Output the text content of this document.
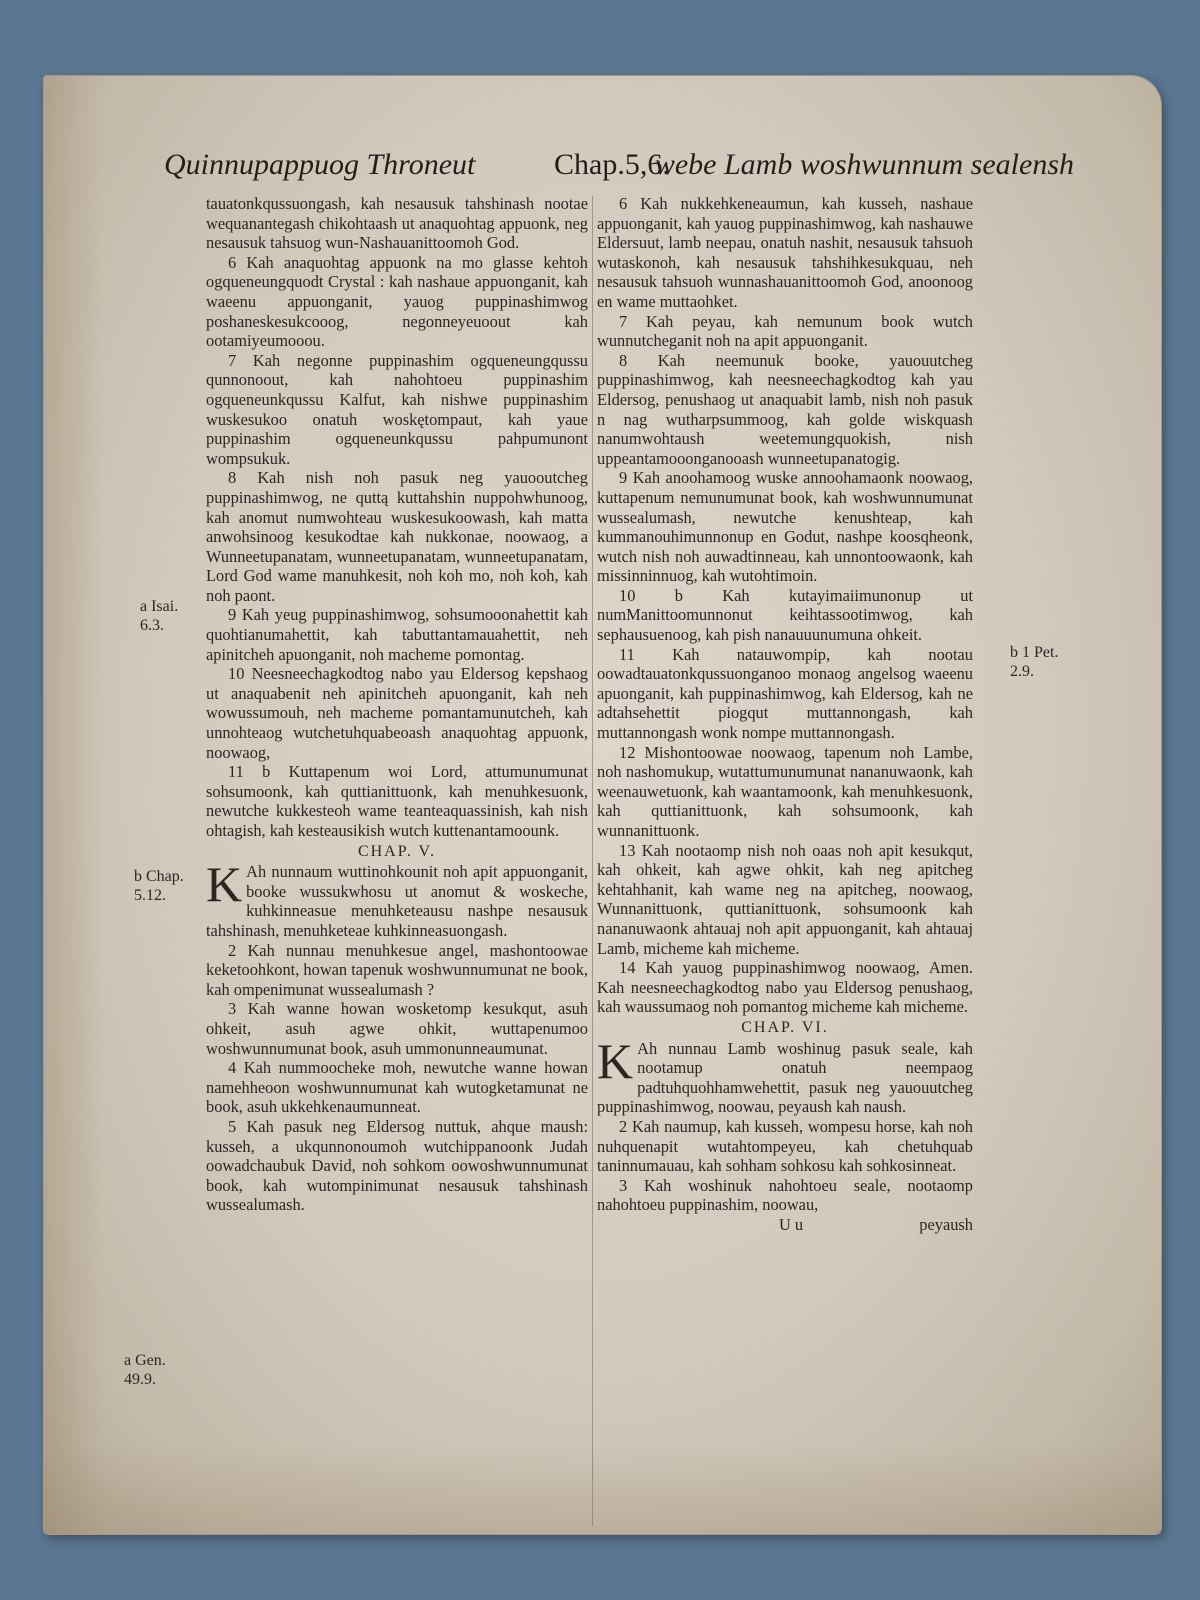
Quinnupappuog Throneut	Chap.5,6.
webe Lamb woshwunnum sealensh

tauatonkqussuongash, kah nesausuk tahshinash nootae wequanantegash chikohtaash ut anaquohtag appuonk, neg nesausuk tahsuog wun-Nashauanittoomoh God.

6 Kah anaquohtag appuonk na mo glasse kehtoh ogqueneungquodt Crystal : kah nashaue appuonganit, kah waeenu appuonganit, yauog puppinashimwog poshaneskesukcooog, negonneyeuoout kah ootamiyeumooou.

7 Kah negonne puppinashim ogqueneungqussu qunnonoout, kah nahohtoeu puppinashim ogqueneunkqussu Kalfut, kah nishwe puppinashim wuskesukoo onatuh woskętompaut, kah yaue puppinashim ogqueneunkqussu pahpumunont wompsukuk.

8 Kah nish noh pasuk neg yauooutcheg puppinashimwog, ne quttą kuttahshin nuppohwhunoog, kah anomut numwohteau wuskesukoowash, kah matta anwohsinoog kesukodtae kah nukkonae, noowaog, a Wunneetupanatam, wunneetupanatam, wunneetupanatam, Lord God wame manuhkesit, noh koh mo, noh koh, kah noh paont.

9 Kah yeug puppinashimwog, sohsumooonahettit kah quohtianumahettit, kah tabuttantamauahettit, neh apinitcheh apuonganit, noh macheme pomontag.

10 Neesneechagkodtog nabo yau Eldersog kepshaog ut anaquabenit neh apinitcheh apuonganit, kah neh wowussumouh, neh macheme pomantamunutcheh, kah unnohteaog wutchetuhquabeoash anaquohtag appuonk, noowaog,

11 b Kuttapenum woi Lord, attumunumunat sohsumoonk, kah quttianittuonk, kah menuhkesuonk, newutche kukkesteoh wame teanteaquassinish, kah nish ohtagish, kah kesteausikish wutch kuttenantamoounk.

CHAP. V.

K Ah nunnaum wuttinohkounit noh apit appuonganit, booke wussukwhosu ut anomut & woskeche, kuhkinneasue menuhketeausu nashpe nesausuk tahshinash, menuhketeae kuhkinneasuongash.

2 Kah nunnau menuhkesue angel, mashontoowae keketoohkont, howan tapenuk woshwunnumunat ne book, kah ompenimunat wussealumash ?

3 Kah wanne howan wosketomp kesukqut, asuh ohkeit, asuh agwe ohkit, wuttapenumoo woshwunnumunat book, asuh ummonunneaumunat.

4 Kah nummoocheke moh, newutche wanne howan namehheoon woshwunnumunat kah wutogketamunat ne book, asuh ukkehkenaumunneat.

5 Kah pasuk neg Eldersog nuttuk, ahque maush: kusseh, a ukqunnonoumoh wutchippanoonk Judah oowadchaubuk David, noh sohkom oowoshwunnumunat book, kah wutompinimunat nesausuk tahshinash wussealumash.

6 Kah nukkehkeneaumun, kah kusseh, nashaue appuonganit, kah yauog puppinashimwog, kah nashauwe Eldersuut, lamb neepau, onatuh nashit, nesausuk tahsuoh wutaskonoh, kah nesausuk tahshihkesukquau, neh nesausuk tahsuoh wunnashauanittoomoh God, anoonoog en wame muttaohket.

7 Kah peyau, kah nemunum book wutch wunnutcheganit noh na apit appuonganit.

8 Kah neemunuk booke, yauouutcheg puppinashimwog, kah neesneechagkodtog kah yau Eldersog, penushaog ut anaquabit lamb, nish noh pasuk n nag wutharpsummoog, kah golde wiskquash nanumwohtaush weetemungquokish, nish uppeantamooonganooash wunneetupanatogig.

9 Kah anoohamoog wuske annoohamaonk noowaog, kuttapenum nemunumunat book, kah woshwunnumunat wussealumash, newutche kenushteap, kah kummanouhimunnonup en Godut, nashpe koosqheonk, wutch nish noh auwadtinneau, kah unnontoowaonk, kah missinninnuog, kah wutohtimoin.

10 b Kah kutayimaiimunonup ut numManittoomunnonut keihtassootimwog, kah sephausuenoog, kah pish nanauuunumuna ohkeit.

11 Kah natauwompip, kah nootau oowadtauatonkqussuonganoo monaog angelsog waeenu apuonganit, kah puppinashimwog, kah Eldersog, kah ne adtahsehettit piogqut muttannongash, kah muttannongash wonk nompe muttannongash.

12 Mishontoowae noowaog, tapenum noh Lambe, noh nashomukup, wutattumunumunat nananuwaonk, kah weenauwetuonk, kah waantamoonk, kah menuhkesuonk, kah quttianittuonk, kah sohsumoonk, kah wunnanittuonk.

13 Kah nootaomp nish noh oaas noh apit kesukqut, kah ohkeit, kah agwe ohkit, kah neg apitcheg kehtahhanit, kah wame neg na apitcheg, noowaog, Wunnanittuonk, quttianittuonk, sohsumoonk kah nananuwaonk ahtauaj noh apit appuonganit, kah ahtauaj Lamb, micheme kah micheme.

14 Kah yauog puppinashimwog noowaog, Amen. Kah neesneechagkodtog nabo yau Eldersog penushaog, kah waussumaog noh pomantog micheme kah micheme.

CHAP. VI.

K Ah nunnau Lamb woshinug pasuk seale, kah nootamup onatuh neempaog padtuhquohhamwehettit, pasuk neg yauouutcheg puppinashimwog, noowau, peyaush kah naush.

2 Kah naumup, kah kusseh, wompesu horse, kah noh nuhquenapit wutahtompeyeu, kah chetuhquab taninnumauau, kah sohham sohkosu kah sohkosinneat.

3 Kah woshinuk nahohtoeu seale, nootaomp nahohtoeu puppinashim, noowau,

U u	peyaush

a Isai.
6.3.
b Chap.
5.12.
a Gen.
49.9.
b 1 Pet.
2.9.
